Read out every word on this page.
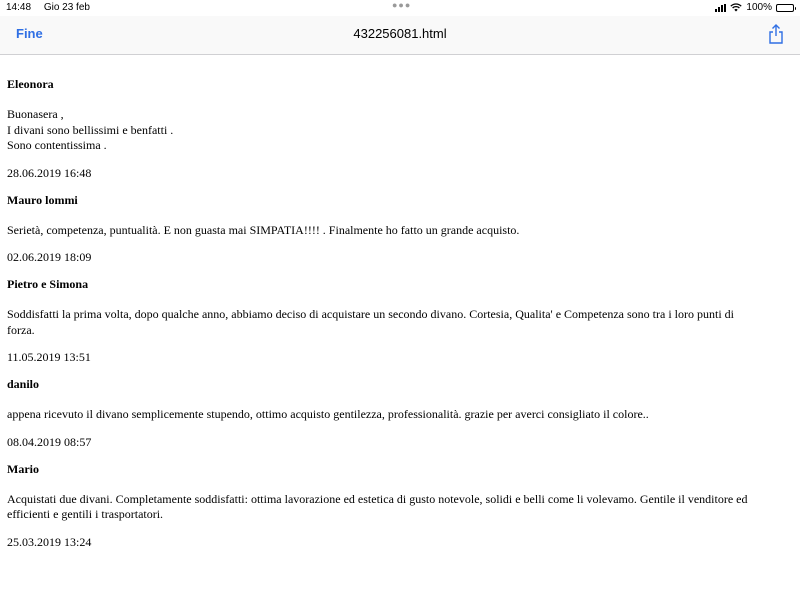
14:48 Gio 23 feb	●●●	100%
Fine	432256081.html

Eleonora

Buonasera ,

I divani sono bellissimi e benfatti .

Sono contentissima .

28.06.2019 16:48

Mauro lommi

Serietà, competenza, puntualità. E non guasta mai SIMPATIA!!!! . Finalmente ho fatto un grande acquisto.

02.06.2019 18:09

Pietro e Simona

Soddisfatti la prima volta, dopo qualche anno, abbiamo deciso di acquistare un secondo divano. Cortesia, Qualita' e Competenza sono tra i loro punti di

forza.

11.05.2019 13:51

danilo

appena ricevuto il divano semplicemente stupendo, ottimo acquisto gentilezza, professionalità. grazie per averci consigliato il colore..

08.04.2019 08:57

Mario

Acquistati due divani. Completamente soddisfatti: ottima lavorazione ed estetica di gusto notevole, solidi e belli come li volevamo. Gentile il venditore ed

efficienti e gentili i trasportatori.

25.03.2019 13:24
